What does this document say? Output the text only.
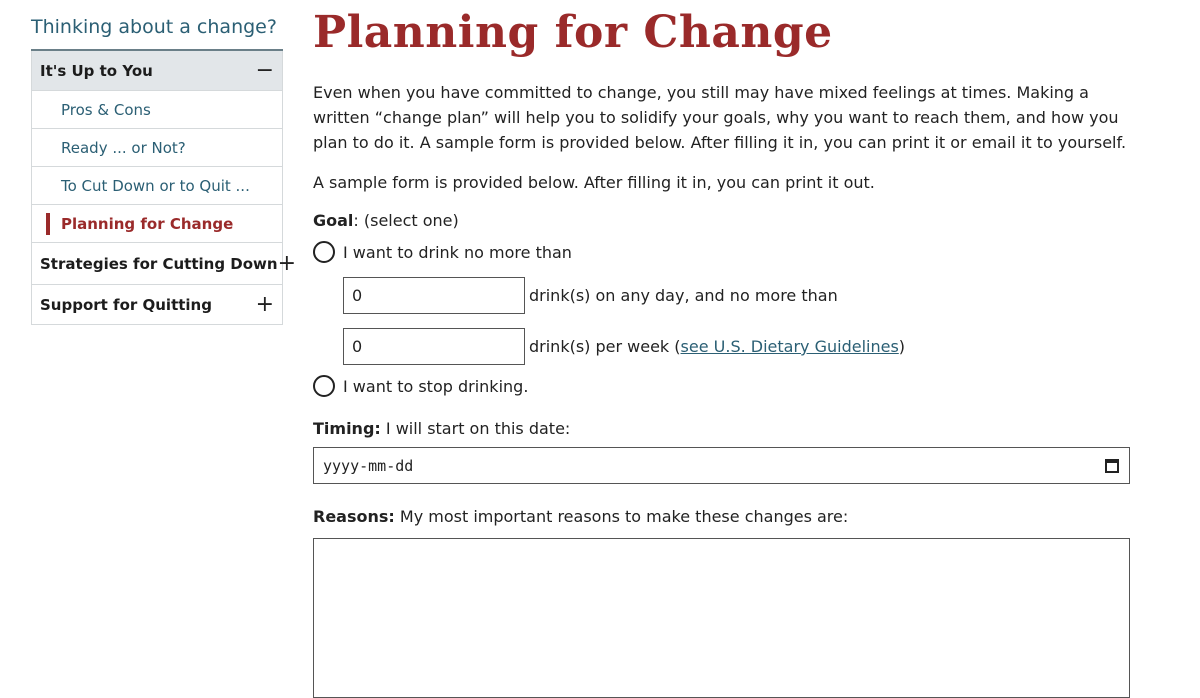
Thinking about a change?
It's Up to You	−
Pros & Cons
Ready ... or Not?
To Cut Down or to Quit ...
Planning for Change
Strategies for Cutting Down +
Support for Quitting +
Planning for Change

Even when you have committed to change, you still may have mixed feelings at times. Making a written “change plan” will help you to solidify your goals, why you want to reach them, and how you plan to do it. A sample form is provided below. After filling it in, you can print it or email it to yourself.

A sample form is provided below. After filling it in, you can print it out.

Goal: (select one)

I want to drink no more than
0
drink(s) on any day, and no more than
0
drink(s) per week ( see U.S. Dietary Guidelines )
I want to stop drinking.

Timing: I will start on this date:

yyyy-mm-dd

Reasons: My most important reasons to make these changes are:
